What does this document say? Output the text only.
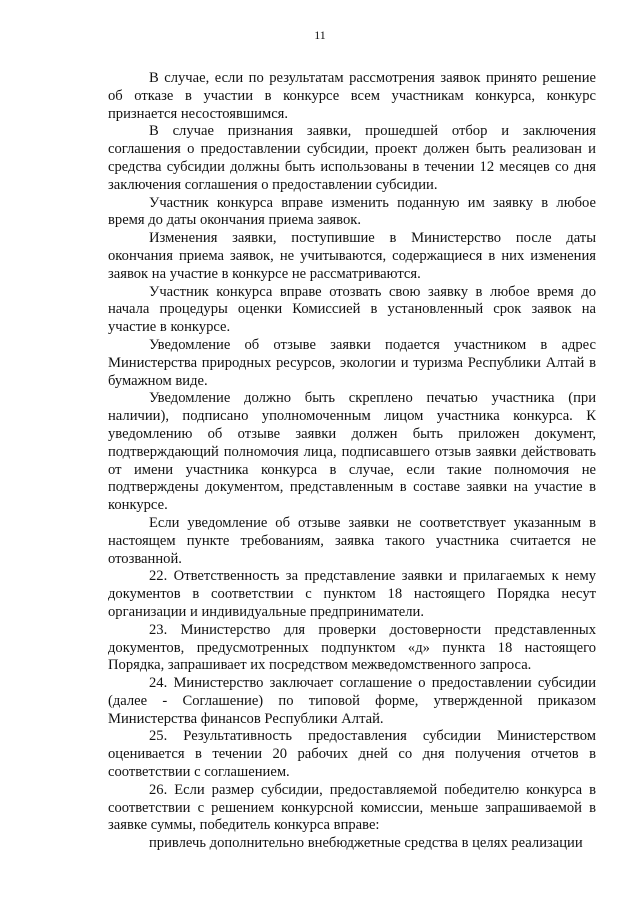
11

В случае, если по результатам рассмотрения заявок принято решение об отказе в участии в конкурсе всем участникам конкурса, конкурс признается несостоявшимся.

В случае признания заявки, прошедшей отбор и заключения соглашения о предоставлении субсидии, проект должен быть реализован и средства субсидии должны быть использованы в течении 12 месяцев со дня заключения соглашения о предоставлении субсидии.

Участник конкурса вправе изменить поданную им заявку в любое время до даты окончания приема заявок.

Изменения заявки, поступившие в Министерство после даты окончания приема заявок, не учитываются, содержащиеся в них изменения заявок на участие в конкурсе не рассматриваются.

Участник конкурса вправе отозвать свою заявку в любое время до начала процедуры оценки Комиссией в установленный срок заявок на участие в конкурсе.

Уведомление об отзыве заявки подается участником в адрес Министерства природных ресурсов, экологии и туризма Республики Алтай в бумажном виде.

Уведомление должно быть скреплено печатью участника (при наличии), подписано уполномоченным лицом участника конкурса. К уведомлению об отзыве заявки должен быть приложен документ, подтверждающий полномочия лица, подписавшего отзыв заявки действовать от имени участника конкурса в случае, если такие полномочия не подтверждены документом, представленным в составе заявки на участие в конкурсе.

Если уведомление об отзыве заявки не соответствует указанным в настоящем пункте требованиям, заявка такого участника считается не отозванной.

22. Ответственность за представление заявки и прилагаемых к нему документов в соответствии с пунктом 18 настоящего Порядка несут организации и индивидуальные предприниматели.

23. Министерство для проверки достоверности представленных документов, предусмотренных подпунктом «д» пункта 18 настоящего Порядка, запрашивает их посредством межведомственного запроса.

24. Министерство заключает соглашение о предоставлении субсидии (далее - Соглашение) по типовой форме, утвержденной приказом Министерства финансов Республики Алтай.

25. Результативность предоставления субсидии Министерством оценивается в течении 20 рабочих дней со дня получения отчетов в соответствии с соглашением.

26. Если размер субсидии, предоставляемой победителю конкурса в соответствии с решением конкурсной комиссии, меньше запрашиваемой в заявке суммы, победитель конкурса вправе:

привлечь дополнительно внебюджетные средства в целях реализации
